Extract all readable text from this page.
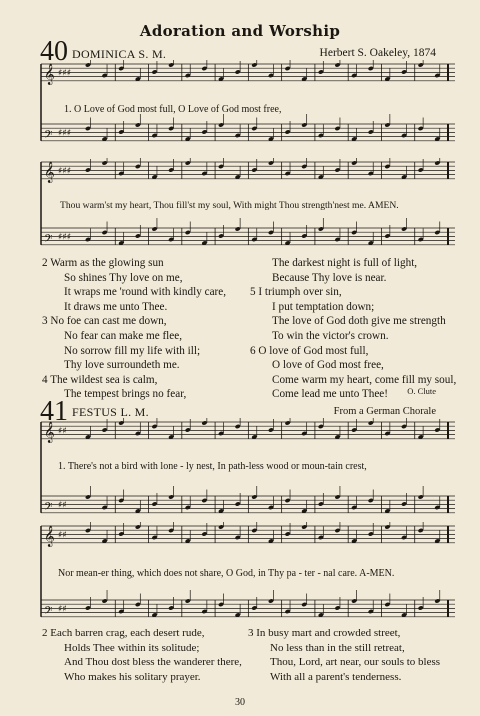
Adoration and Worship
40 DOMINICA S. M.	Herbert S. Oakeley, 1874
𝄞 ♯♯♯
𝄢 ♯♯♯
1. O Love of God most full, O Love of God most free,
𝄞 ♯♯♯
𝄢 ♯♯♯
Thou warm'st my heart, Thou fill'st my soul, With might Thou strength'nest me. AMEN.
2 Warm as the glowing sun
So shines Thy love on me,
It wraps me 'round with kindly care,
It draws me unto Thee.
3 No foe can cast me down,
No fear can make me flee,
No sorrow fill my life with ill;
Thy love surroundeth me.
4 The wildest sea is calm,
The tempest brings no fear,
The darkest night is full of light,
Because Thy love is near.
5 I triumph over sin,
I put temptation down;
The love of God doth give me strength
To win the victor's crown.
6 O love of God most full,
O love of God most free,
Come warm my heart, come fill my soul,
Come lead me unto Thee!	O. Clute
41 FESTUS L. M.	From a German Chorale
𝄞 ♯♯
𝄢 ♯♯
1. There's not a bird with lone - ly nest, In path-less wood or moun-tain crest,
𝄞 ♯♯
𝄢 ♯♯
Nor mean-er thing, which does not share, O God, in Thy pa - ter - nal care. A-MEN.
2 Each barren crag, each desert rude,
Holds Thee within its solitude;
And Thou dost bless the wanderer there,
Who makes his solitary prayer.
3 In busy mart and crowded street,
No less than in the still retreat,
Thou, Lord, art near, our souls to bless
With all a parent's tenderness.
30
